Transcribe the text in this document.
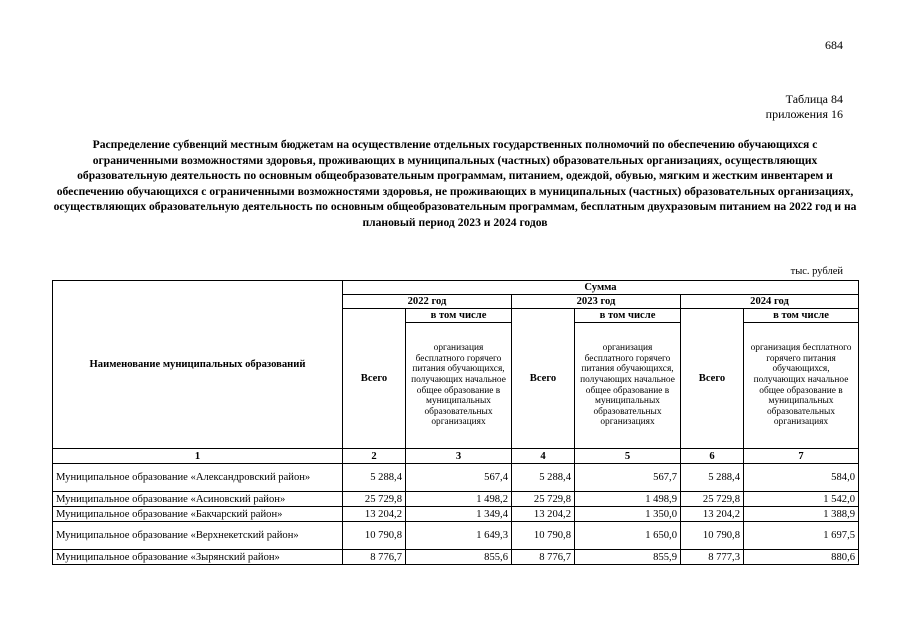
684
Таблица 84
приложения 16
Распределение субвенций местным бюджетам на осуществление отдельных государственных полномочий по обеспечению обучающихся с ограниченными возможностями здоровья, проживающих в муниципальных (частных) образовательных организациях, осуществляющих образовательную деятельность по основным общеобразовательным программам, питанием, одеждой, обувью, мягким и жестким инвентарем и обеспечению обучающихся с ограниченными возможностями здоровья, не проживающих в муниципальных (частных) образовательных организациях, осуществляющих образовательную деятельность по основным общеобразовательным программам, бесплатным двухразовым питанием на 2022 год и на плановый период 2023 и 2024 годов
тыс. рублей
Наименование муниципальных образований	Сумма					
	2022 год		2023 год		2024 год	
	Всего	в том числе	Всего	в том числе	Всего	в том числе
		организация бесплатного горячего питания обучающихся, получающих начальное общее образование в муниципальных образовательных организациях		организация бесплатного горячего питания обучающихся, получающих начальное общее образование в муниципальных образовательных организациях		организация бесплатного горячего питания обучающихся, получающих начальное общее образование в муниципальных образовательных организациях
1	2	3	4	5	6	7
Муниципальное образование «Александровский район»	5 288,4	567,4	5 288,4	567,7	5 288,4	584,0
Муниципальное образование «Асиновский район»	25 729,8	1 498,2	25 729,8	1 498,9	25 729,8	1 542,0
Муниципальное образование «Бакчарский район»	13 204,2	1 349,4	13 204,2	1 350,0	13 204,2	1 388,9
Муниципальное образование «Верхнекетский район»	10 790,8	1 649,3	10 790,8	1 650,0	10 790,8	1 697,5
Муниципальное образование «Зырянский район»	8 776,7	855,6	8 776,7	855,9	8 777,3	880,6
